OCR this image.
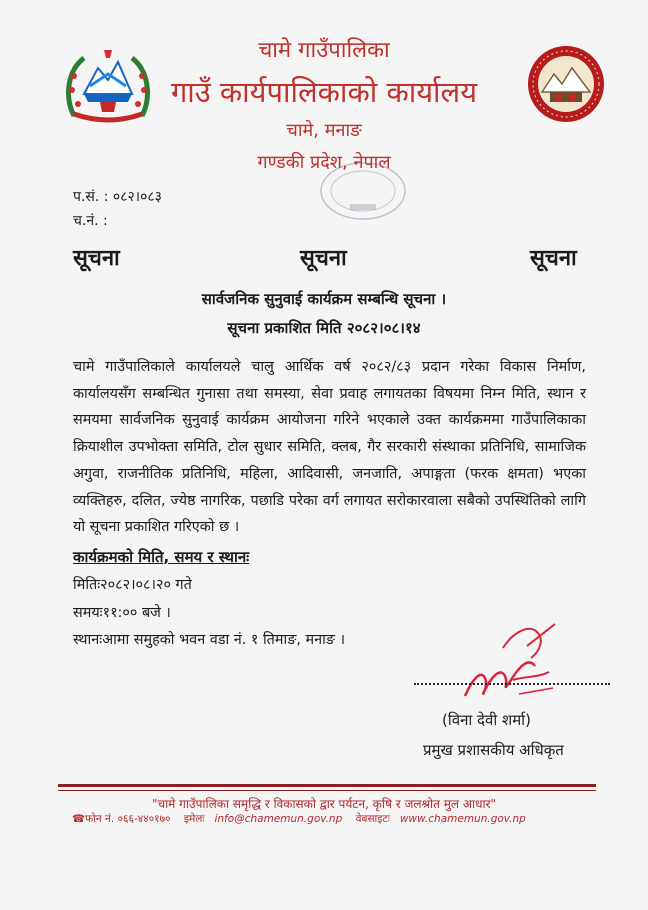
चामे गाउँपालिका
गाउँ कार्यपालिकाको कार्यालय
चामे, मनाङ
गण्डकी प्रदेश, नेपाल
प.सं. : ०८२।०८३
च.नं. :
सूचना	सूचना	सूचना
सार्वजनिक सुनुवाई कार्यक्रम सम्बन्धि सूचना ।
सूचना प्रकाशित मिति २०८२।०८।१४
चामे गाउँपालिकाले कार्यालयले चालु आर्थिक वर्ष २०८२/८३ प्रदान गरेका विकास निर्माण, कार्यालयसँग सम्बन्धित गुनासा तथा समस्या, सेवा प्रवाह लगायतका विषयमा निम्न मिति, स्थान र समयमा सार्वजनिक सुनुवाई कार्यक्रम आयोजना गरिने भएकाले उक्त कार्यक्रममा गाउँपालिकाका क्रियाशील उपभोक्ता समिति, टोल सुधार समिति, क्लब, गैर सरकारी संस्थाका प्रतिनिधि, सामाजिक अगुवा, राजनीतिक प्रतिनिधि, महिला, आदिवासी, जनजाति, अपाङ्गता (फरक क्षमता) भएका व्यक्तिहरु, दलित, ज्येष्ठ नागरिक, पछाडि परेका वर्ग लगायत सरोकारवाला सबैको उपस्थितिको लागि यो सूचना प्रकाशित गरिएको छ ।
कार्यक्रमको मिति, समय र स्थानः
मितिः२०८२।०८।२० गते
समयः११:०० बजे ।
स्थानःआमा समुहको भवन वडा नं. १ तिमाङ, मनाङ ।
(विना देवी शर्मा)
प्रमुख प्रशासकीय अधिकृत
"चामे गाउँपालिका समृद्धि र विकासको द्वार पर्यटन, कृषि र जलश्रोत मुल आधार"
☎फोन नं. ०६६-४४०१७० इमेलः info@chamemun.gov.np वेबसाइटः www.chamemun.gov.np
